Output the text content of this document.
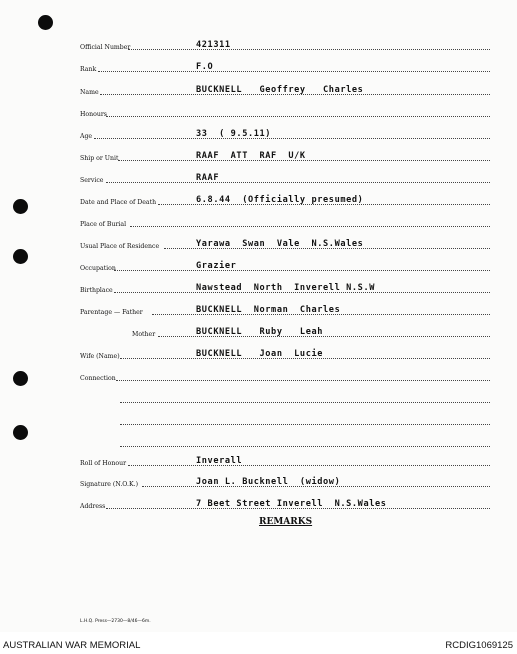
Official Number	421311
Rank	F.O
Name	BUCKNELL   Geoffrey   Charles
Honours
Age	33  ( 9.5.11)
Ship or Unit	RAAF  ATT  RAF  U/K
Service	RAAF
Date and Place of Death	6.8.44  (Officially presumed)
Place of Burial
Usual Place of Residence	Yarawa  Swan  Vale  N.S.Wales
Occupation	Grazier
Birthplace	Nawstead  North  Inverell N.S.W
Parentage — Father	BUCKNELL  Norman  Charles
Mother	BUCKNELL   Ruby   Leah
Wife (Name)	BUCKNELL   Joan  Lucie
Connection
Roll of Honour	Inverall
Signature (N.O.K.)	Joan L. Bucknell  (widow)
Address	7 Beet Street Inverell  N.S.Wales
REMARKS
L.H.Q. Press—2730—8/46—6m.
AUSTRALIAN WAR MEMORIAL	RCDIG1069125
